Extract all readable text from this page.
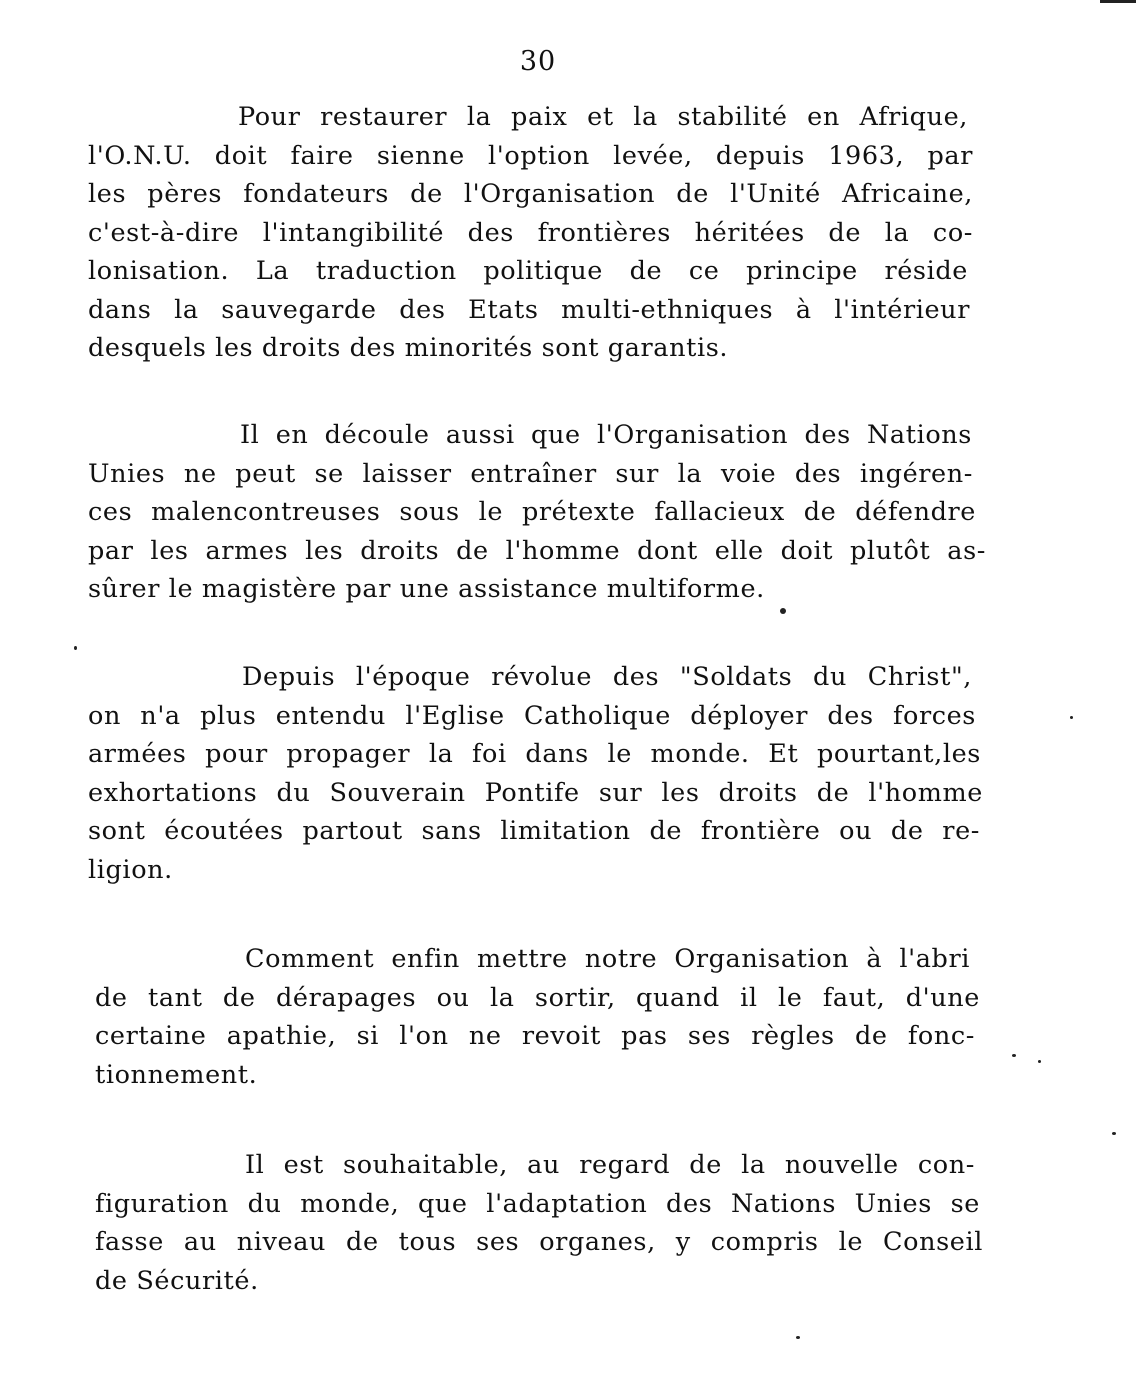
30
Pour restaurer la paix et la stabilité en Afrique,
l'O.N.U. doit faire sienne l'option levée, depuis 1963, par
les pères fondateurs de l'Organisation de l'Unité Africaine,
c'est-à-dire l'intangibilité des frontières héritées de la co-
lonisation. La traduction politique de ce principe réside
dans la sauvegarde des Etats multi-ethniques à l'intérieur
desquels les droits des minorités sont garantis.
Il en découle aussi que l'Organisation des Nations
Unies ne peut se laisser entraîner sur la voie des ingéren-
ces malencontreuses sous le prétexte fallacieux de défendre
par les armes les droits de l'homme dont elle doit plutôt as-
sûrer le magistère par une assistance multiforme.
Depuis l'époque révolue des "Soldats du Christ",
on n'a plus entendu l'Eglise Catholique déployer des forces
armées pour propager la foi dans le monde. Et pourtant,les
exhortations du Souverain Pontife sur les droits de l'homme
sont écoutées partout sans limitation de frontière ou de re-
ligion.
Comment enfin mettre notre Organisation à l'abri
de tant de dérapages ou la sortir, quand il le faut, d'une
certaine apathie, si l'on ne revoit pas ses règles de fonc-
tionnement.
Il est souhaitable, au regard de la nouvelle con-
figuration du monde, que l'adaptation des Nations Unies se
fasse au niveau de tous ses organes, y compris le Conseil
de Sécurité.
